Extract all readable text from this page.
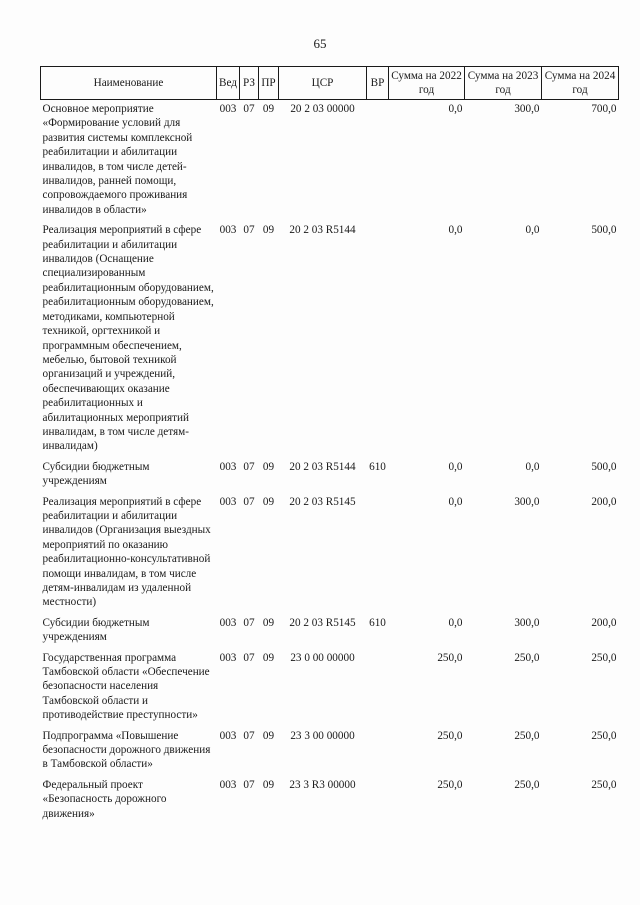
65
Наименование	Вед	РЗ	ПР	ЦСР	ВР	Сумма на 2022 год	Сумма на 2023 год	Сумма на 2024 год
Основное мероприятие «Формирование условий для развития системы комплексной реабилитации и абилитации инвалидов, в том числе детей-инвалидов, ранней помощи, сопровождаемого проживания инвалидов в области»	003	07	09	20 2 03 00000		0,0	300,0	700,0
Реализация мероприятий в сфере реабилитации и абилитации инвалидов (Оснащение специализированным реабилитационным оборудованием, реабилитационным оборудованием, методиками, компьютерной техникой, оргтехникой и программным обеспечением, мебелью, бытовой техникой организаций и учреждений, обеспечивающих оказание реабилитационных и абилитационных мероприятий инвалидам, в том числе детям-инвалидам)	003	07	09	20 2 03 R5144		0,0	0,0	500,0
Субсидии бюджетным учреждениям	003	07	09	20 2 03 R5144	610	0,0	0,0	500,0
Реализация мероприятий в сфере реабилитации и абилитации инвалидов (Организация выездных мероприятий по оказанию реабилитационно-консультативной помощи инвалидам, в том числе детям-инвалидам из удаленной местности)	003	07	09	20 2 03 R5145		0,0	300,0	200,0
Субсидии бюджетным учреждениям	003	07	09	20 2 03 R5145	610	0,0	300,0	200,0
Государственная программа Тамбовской области «Обеспечение безопасности населения Тамбовской области и противодействие преступности»	003	07	09	23 0 00 00000		250,0	250,0	250,0
Подпрограмма «Повышение безопасности дорожного движения в Тамбовской области»	003	07	09	23 3 00 00000		250,0	250,0	250,0
Федеральный проект «Безопасность дорожного движения»	003	07	09	23 3 R3 00000		250,0	250,0	250,0
